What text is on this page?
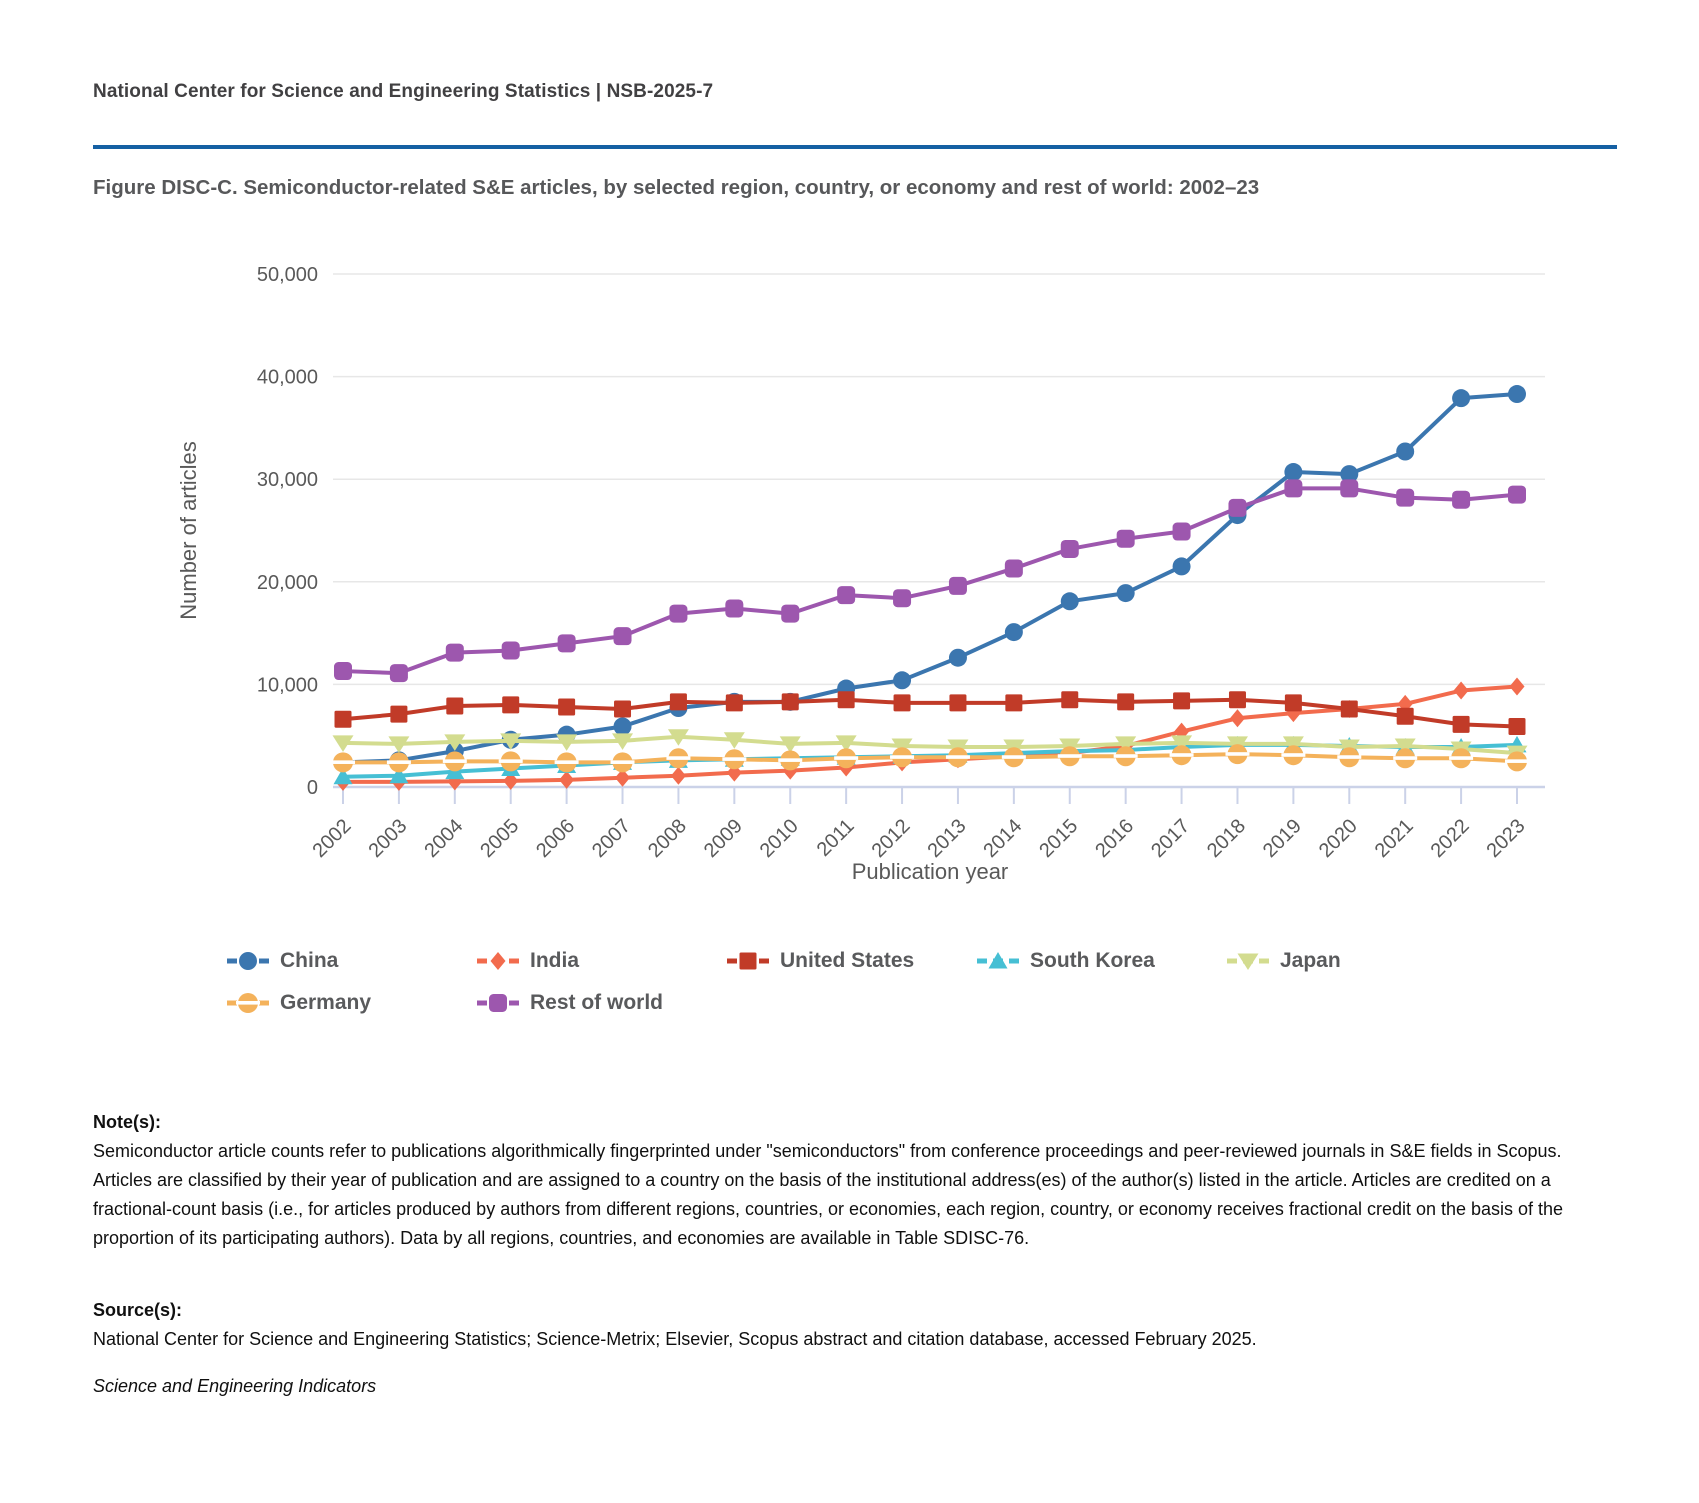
National Center for Science and Engineering Statistics | NSB-2025-7
Figure DISC-C. Semiconductor-related S&E articles, by selected region, country, or economy and rest of world: 2002–23
10,000
20,000
30,000
40,000
50,000
0
2002 2003 2004 2005 2006 2007 2008 2009 2010 2011 2012 2013 2014 2015 2016 2017 2018 2019 2020 2021 2022 2023
Number of articles
Publication year
China	India	United States	South Korea	Japan
Germany	Rest of world
Note(s):
Semiconductor article counts refer to publications algorithmically fingerprinted under "semiconductors" from conference proceedings and peer-reviewed journals in S&E fields in Scopus. Articles are classified by their year of publication and are assigned to a country on the basis of the institutional address(es) of the author(s) listed in the article. Articles are credited on a fractional-count basis (i.e., for articles produced by authors from different regions, countries, or economies, each region, country, or economy receives fractional credit on the basis of the proportion of its participating authors). Data by all regions, countries, and economies are available in Table SDISC-76.
Source(s):
National Center for Science and Engineering Statistics; Science-Metrix; Elsevier, Scopus abstract and citation database, accessed February 2025.
Science and Engineering Indicators
